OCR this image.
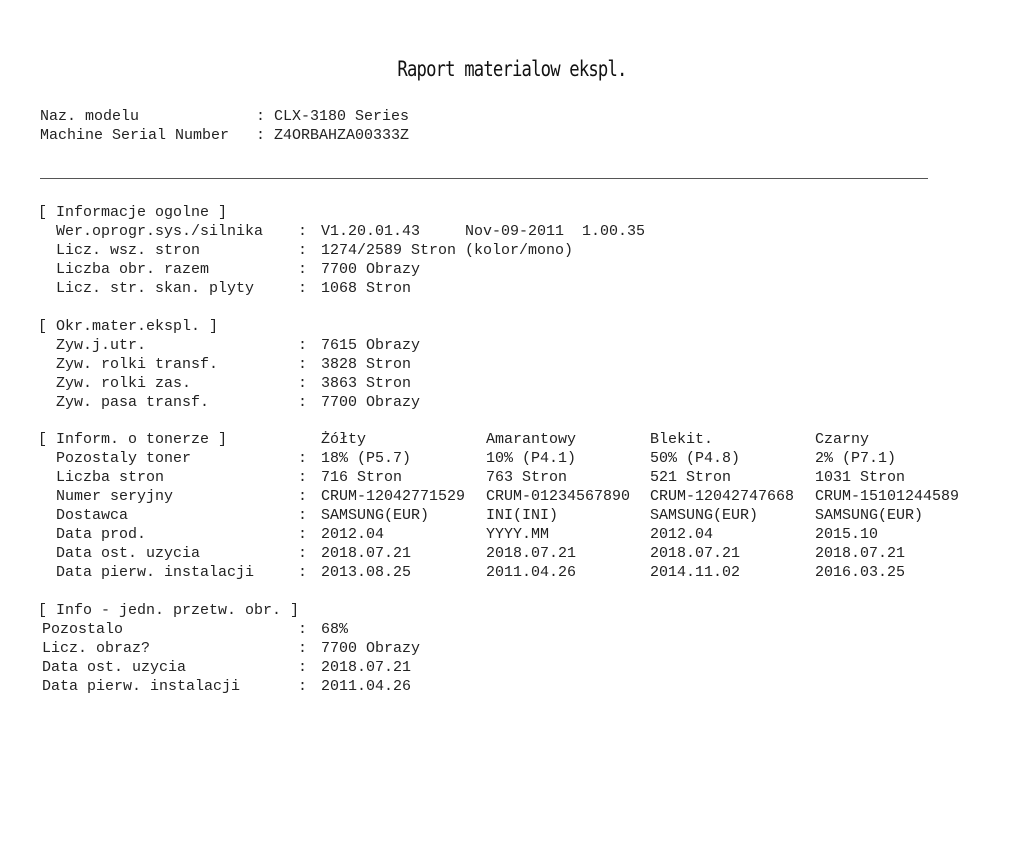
Raport materialow ekspl.
Naz. modelu	: CLX-3180 Series
Machine Serial Number : Z4ORBAHZA00333Z
[ Informacje ogolne ]
Wer.oprogr.sys./silnika : V1.20.01.43     Nov-09-2011  1.00.35
Licz. wsz. stron	: 1274/2589 Stron (kolor/mono)
Liczba obr. razem	: 7700 Obrazy
Licz. str. skan. plyty	: 1068 Stron
[ Okr.mater.ekspl. ]
Zyw.j.utr.	: 7615 Obrazy
Zyw. rolki transf.	: 3828 Stron
Zyw. rolki zas.	: 3863 Stron
Zyw. pasa transf.	: 7700 Obrazy
[ Inform. o tonerze ]	Żółty	Amarantowy	Blekit.	Czarny
Pozostaly toner	: 18% (P5.7)	10% (P4.1)	50% (P4.8)	2% (P7.1)
Liczba stron	: 716 Stron	763 Stron	521 Stron	1031 Stron
Numer seryjny	: CRUM-12042771529 CRUM-01234567890 CRUM-12042747668 CRUM-15101244589
Dostawca	: SAMSUNG(EUR)	INI(INI)	SAMSUNG(EUR)	SAMSUNG(EUR)
Data prod.	: 2012.04	YYYY.MM	2012.04	2015.10
Data ost. uzycia	: 2018.07.21	2018.07.21	2018.07.21	2018.07.21
Data pierw. instalacji	: 2013.08.25	2011.04.26	2014.11.02	2016.03.25
[ Info - jedn. przetw. obr. ]
Pozostalo	: 68%
Licz. obraz?	: 7700 Obrazy
Data ost. uzycia	: 2018.07.21
Data pierw. instalacji	: 2011.04.26
